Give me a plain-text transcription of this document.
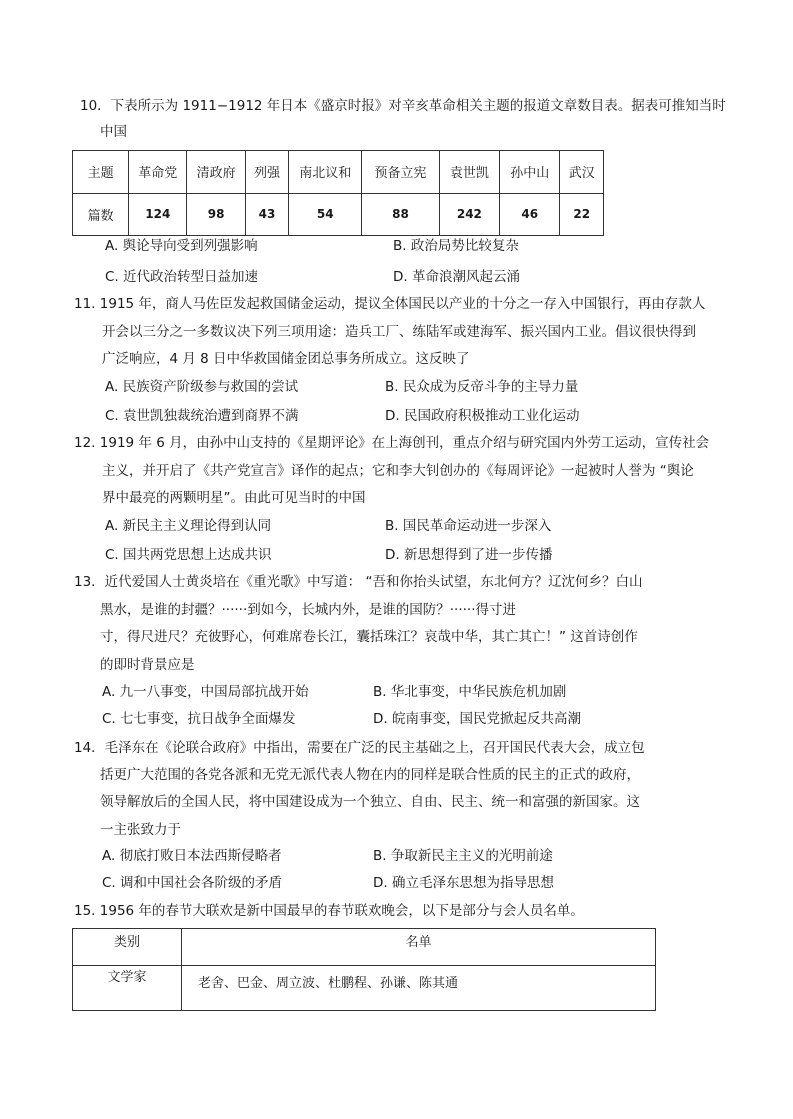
10．下表所示为 1911−1912 年日本《盛京时报》对辛亥革命相关主题的报道文章数目表。据表可推知当时
中国
主题	革命党	清政府	列强	南北议和	预备立宪	袁世凯	孙中山	武汉
篇数	124	98	43	54	88	242	46	22
A. 舆论导向受到列强影响	B. 政治局势比较复杂
C. 近代政治转型日益加速	D. 革命浪潮风起云涌
11. 1915 年，商人马佐臣发起救国储金运动，提议全体国民以产业的十分之一存入中国银行，再由存款人
开会以三分之一多数议决下列三项用途：造兵工厂、练陆军或建海军、振兴国内工业。倡议很快得到
广泛响应，4 月 8 日中华救国储金团总事务所成立。这反映了
A. 民族资产阶级参与救国的尝试	B. 民众成为反帝斗争的主导力量
C. 袁世凯独裁统治遭到商界不满	D. 民国政府积极推动工业化运动
12. 1919 年 6 月，由孙中山支持的《星期评论》在上海创刊，重点介绍与研究国内外劳工运动，宣传社会
主义，并开启了《共产党宣言》译作的起点；它和李大钊创办的《每周评论》一起被时人誉为 “舆论
界中最亮的两颗明星”。由此可见当时的中国
A. 新民主主义理论得到认同	B. 国民革命运动进一步深入
C. 国共两党思想上达成共识	D. 新思想得到了进一步传播
13．近代爱国人士黄炎培在《重光歌》中写道： “吾和你抬头试望，东北何方？辽沈何乡？白山
黑水，是谁的封疆？······到如今，长城内外，是谁的国防？······得寸进
寸，得尺进尺？充彼野心，何难席卷长江，囊括珠江？哀哉中华，其亡其亡！” 这首诗创作
的即时背景应是
A. 九一八事变，中国局部抗战开始	B. 华北事变，中华民族危机加剧
C. 七七事变，抗日战争全面爆发	D. 皖南事变，国民党掀起反共高潮
14．毛泽东在《论联合政府》中指出，需要在广泛的民主基础之上，召开国民代表大会，成立包
括更广大范围的各党各派和无党无派代表人物在内的同样是联合性质的民主的正式的政府，
领导解放后的全国人民，将中国建设成为一个独立、自由、民主、统一和富强的新国家。这
一主张致力于
A. 彻底打败日本法西斯侵略者	B. 争取新民主主义的光明前途
C. 调和中国社会各阶级的矛盾	D. 确立毛泽东思想为指导思想
15. 1956 年的春节大联欢是新中国最早的春节联欢晚会，以下是部分与会人员名单。
类别	名单
文学家	老舍、巴金、周立波、杜鹏程、孙谦、陈其通
